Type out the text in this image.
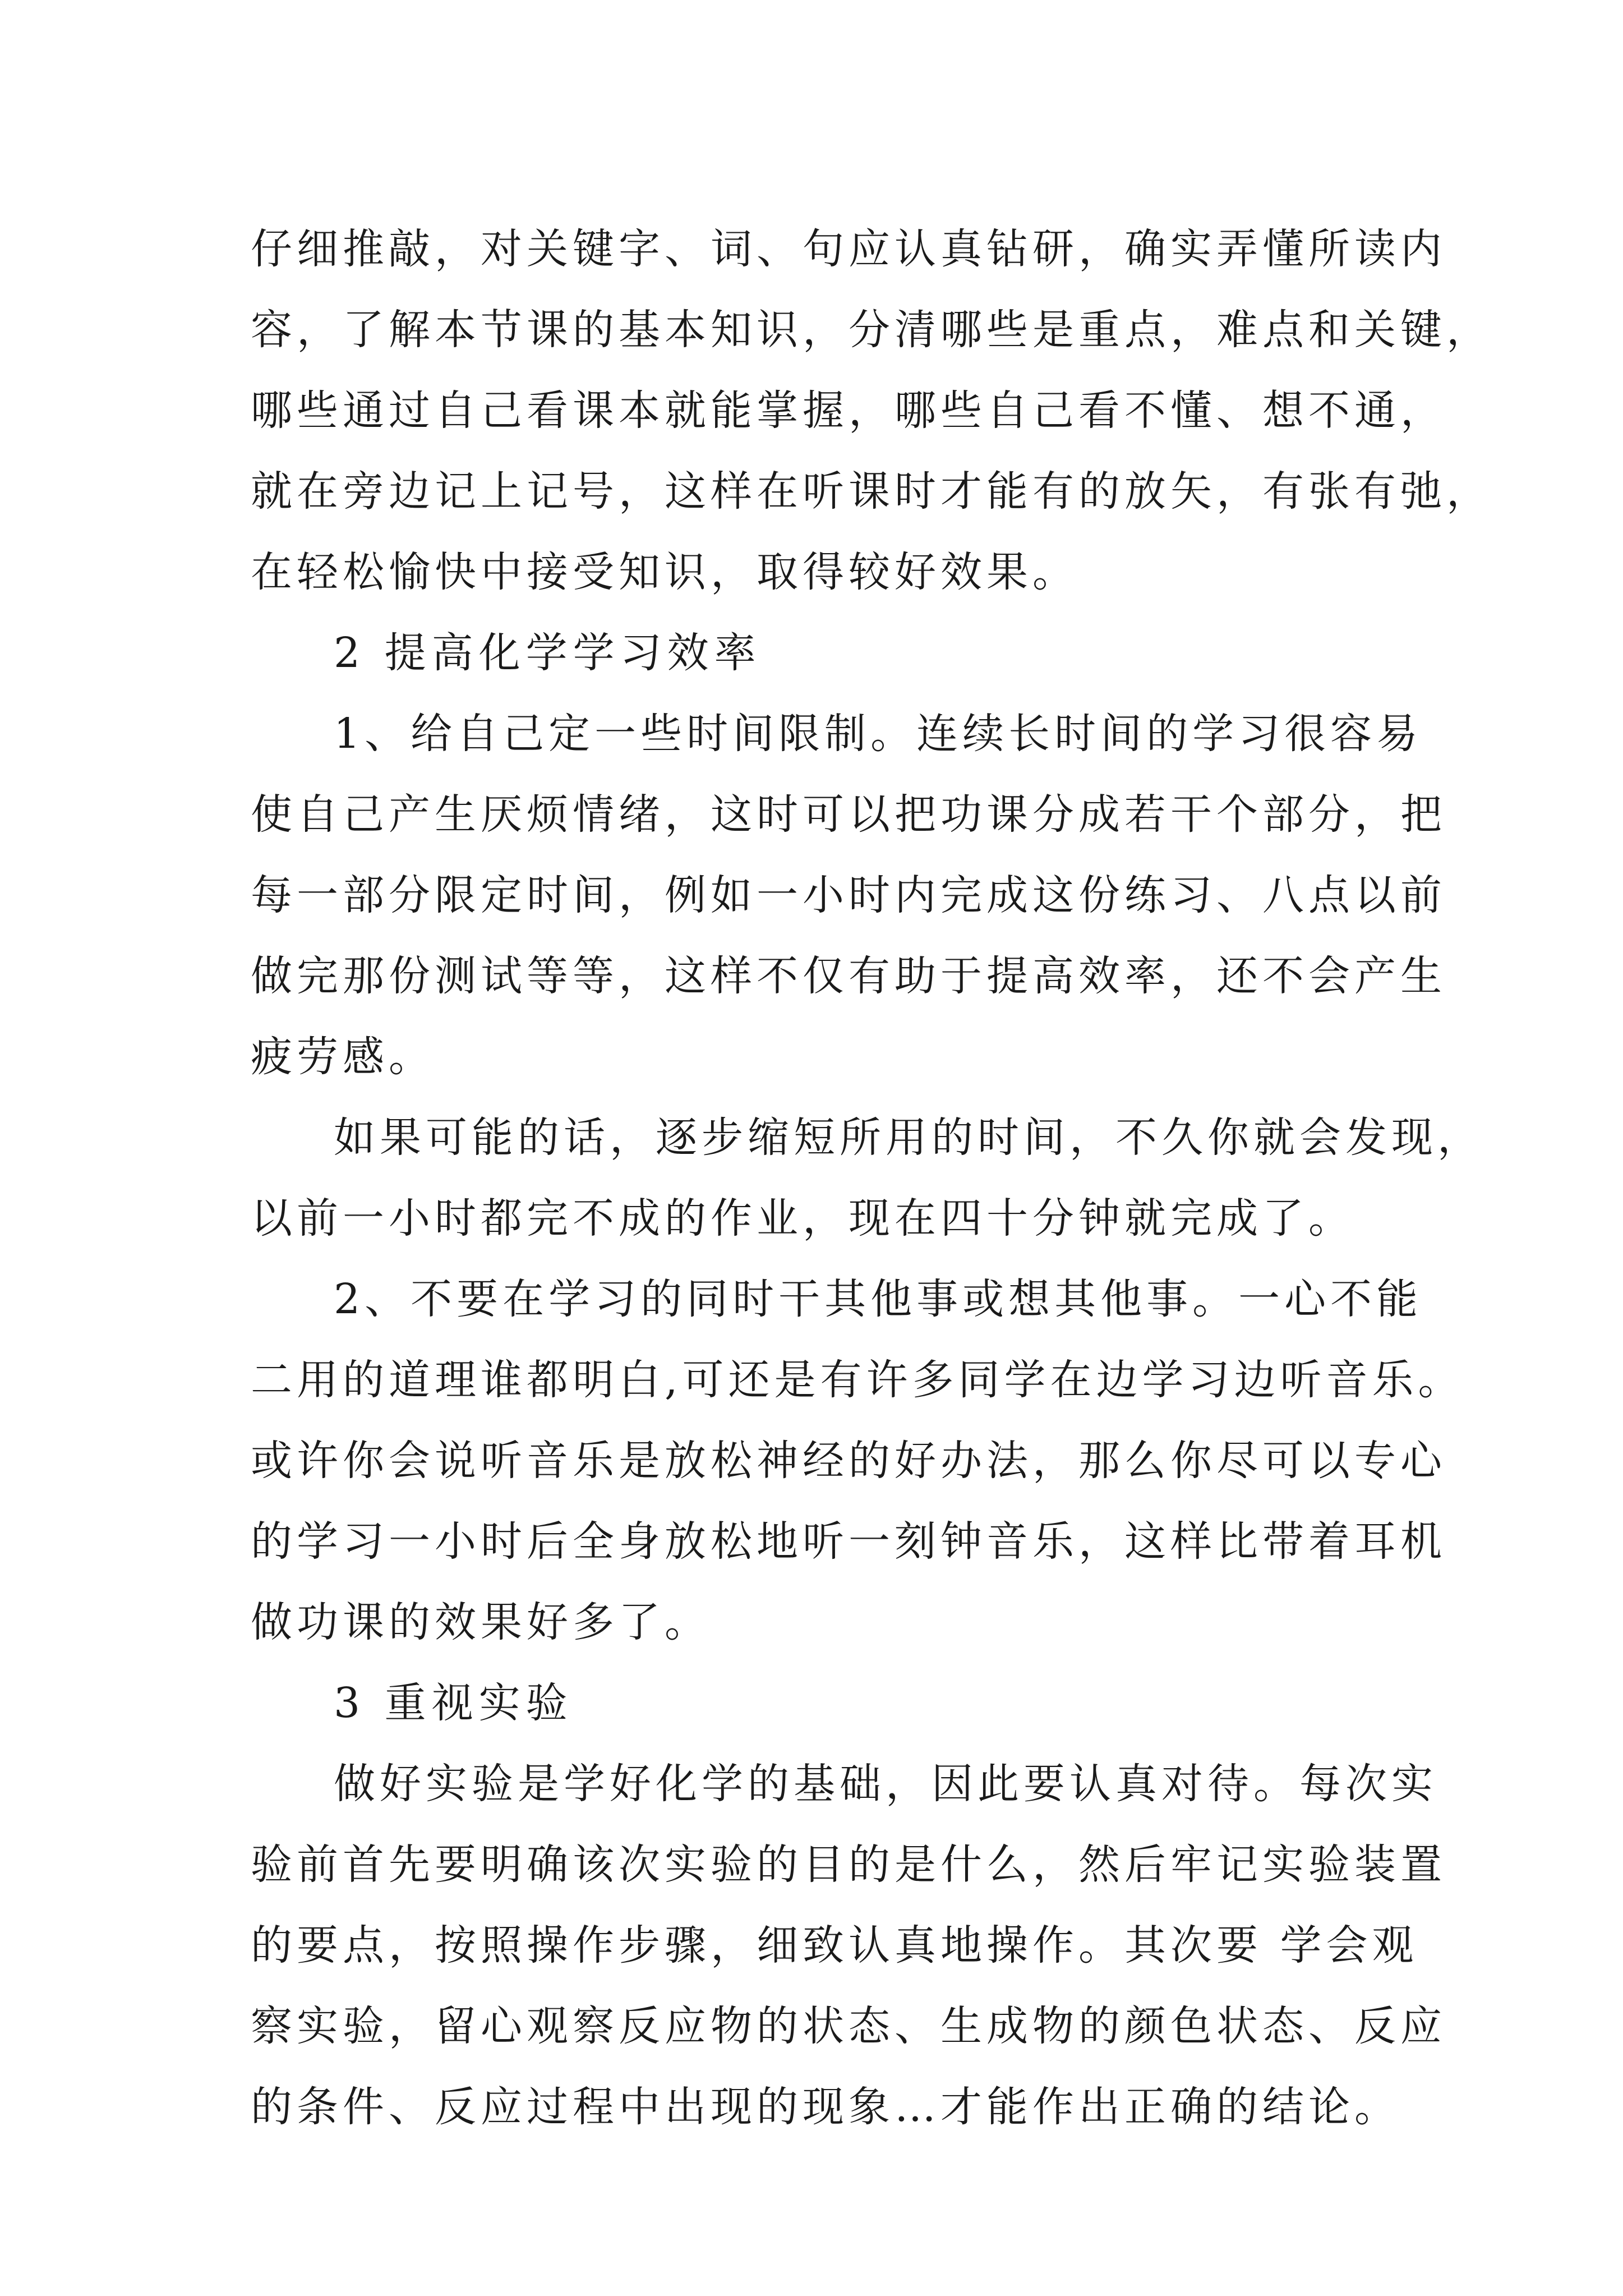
仔细推敲，对关键字、词、句应认真钻研，确实弄懂所读内
容，了解本节课的基本知识，分清哪些是重点，难点和关键，
哪些通过自己看课本就能掌握，哪些自己看不懂、想不通，
就在旁边记上记号，这样在听课时才能有的放矢，有张有弛，
在轻松愉快中接受知识，取得较好效果。

2 提高化学学习效率

1、给自己定一些时间限制。连续长时间的学习很容易
使自己产生厌烦情绪，这时可以把功课分成若干个部分，把
每一部分限定时间，例如一小时内完成这份练习、八点以前
做完那份测试等等，这样不仅有助于提高效率，还不会产生
疲劳感。

如果可能的话，逐步缩短所用的时间，不久你就会发现，
以前一小时都完不成的作业，现在四十分钟就完成了。

2、不要在学习的同时干其他事或想其他事。一心不能
二用的道理谁都明白,可还是有许多同学在边学习边听音乐。
或许你会说听音乐是放松神经的好办法，那么你尽可以专心
的学习一小时后全身放松地听一刻钟音乐，这样比带着耳机
做功课的效果好多了。

3 重视实验

做好实验是学好化学的基础，因此要认真对待。每次实
验前首先要明确该次实验的目的是什么，然后牢记实验装置
的要点，按照操作步骤，细致认真地操作。其次要 学会观
察实验，留心观察反应物的状态、生成物的颜色状态、反应
的条件、反应过程中出现的现象…才能作出正确的结论。
